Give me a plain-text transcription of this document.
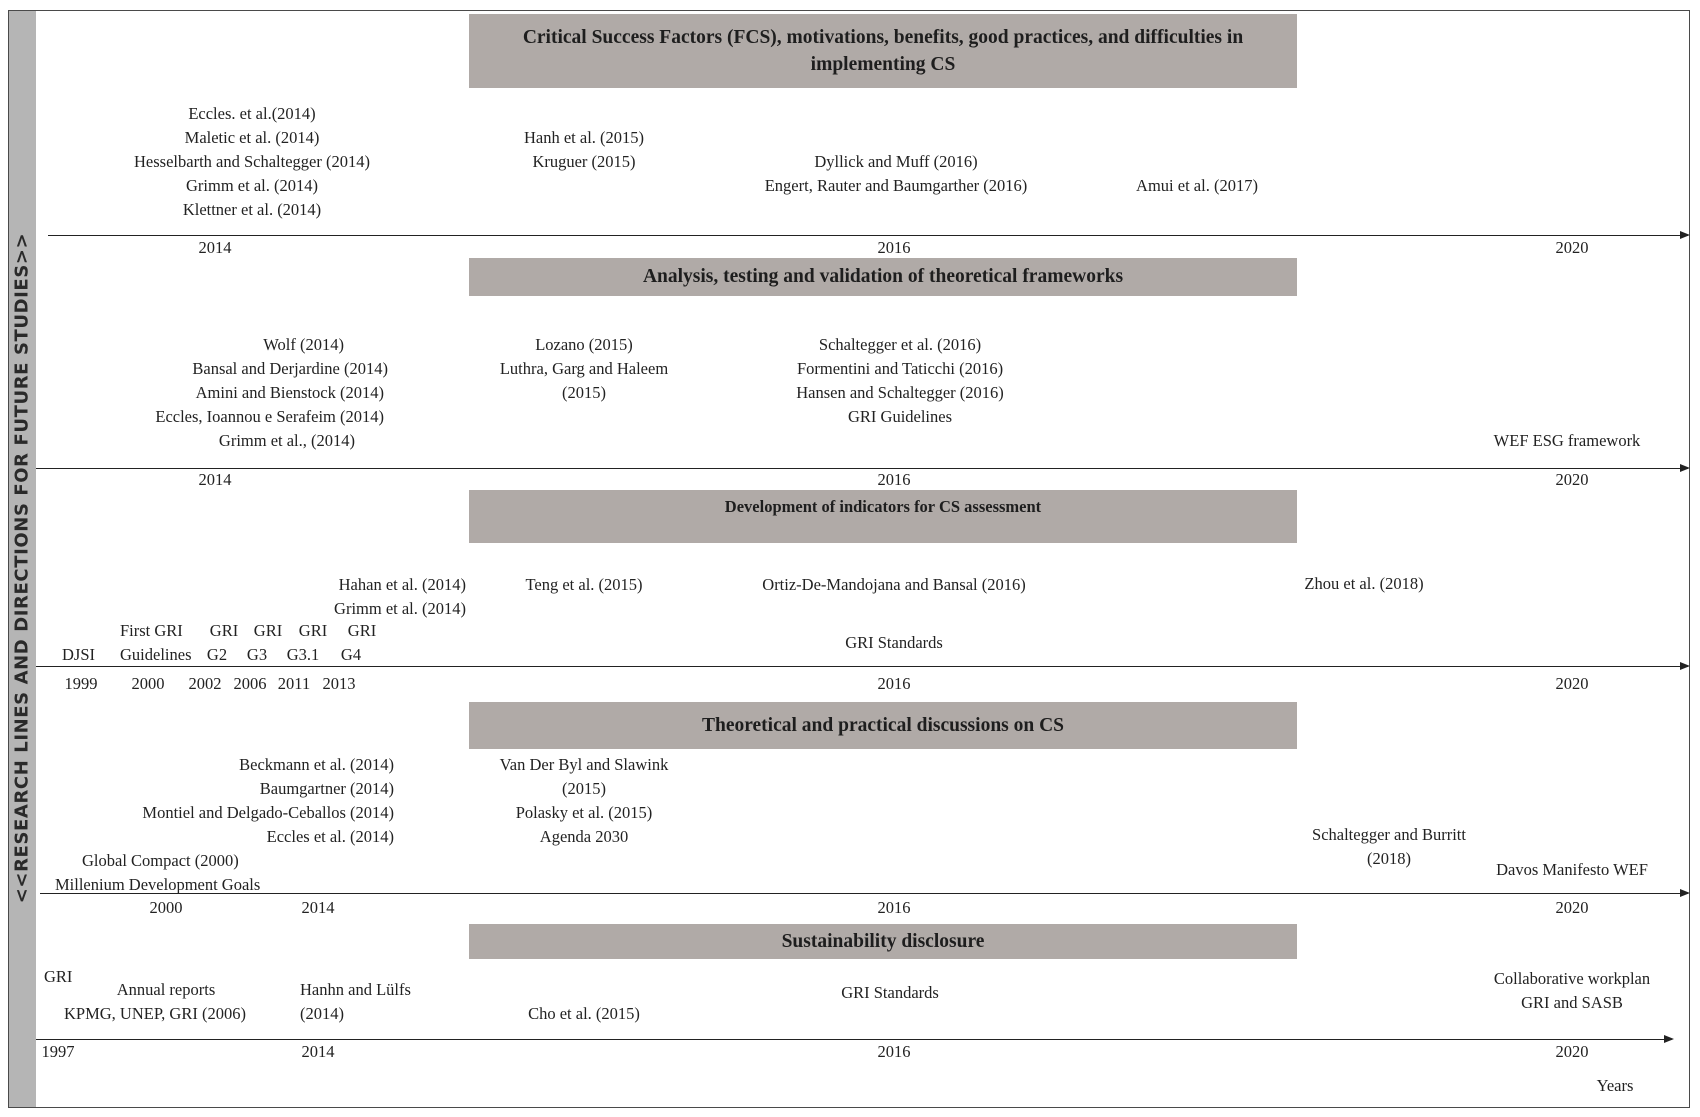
<<RESEARCH LINES AND DIRECTIONS FOR FUTURE STUDIES>>
Critical Success Factors (FCS), motivations, benefits, good practices, and difficulties in implementing CS
Eccles. et al.(2014)
Maletic et al. (2014)
Hesselbarth and Schaltegger (2014)
Grimm et al. (2014)
Klettner et al. (2014)
Hanh et al. (2015)
Kruguer (2015)	Dyllick and Muff (2016)
Engert, Rauter and Baumgarther (2016)	Amui et al. (2017)
2014	2016	2020
Analysis, testing and validation of theoretical frameworks
Wolf (2014)
Bansal and Derjardine (2014)
Amini and Bienstock (2014)
Eccles, Ioannou e Serafeim (2014)
Grimm et al., (2014)
Lozano (2015)
Luthra, Garg and Haleem
(2015)
Schaltegger et al. (2016)
Formentini and Taticchi (2016)
Hansen and Schaltegger (2016)
GRI Guidelines
WEF ESG framework
2014	2016	2020
Development of indicators for CS assessment
Hahan et al. (2014)
Grimm et al. (2014)
First GRI
Guidelines
GRI
G2
GRI
G3
GRI
G3.1
GRI
G4
DJSI
Teng et al. (2015)	Ortiz-De-Mandojana and Bansal (2016)
GRI Standards
Zhou et al. (2018)
1999 2000 2002 2006 2011 2013	2016	2020
Theoretical and practical discussions on CS
Beckmann et al. (2014)
Baumgartner (2014)
Montiel and Delgado-Ceballos (2014)
Eccles et al. (2014)
Global Compact (2000)
Millenium Development Goals
Van Der Byl and Slawink
(2015)
Polasky et al. (2015)
Agenda 2030	Schaltegger and Burritt
(2018)
Davos Manifesto WEF
2000	2014	2016	2020
Sustainability disclosure
GRI
Annual reports
KPMG, UNEP, GRI (2006)
Hanhn and Lülfs
(2014)	Cho et al. (2015)
GRI Standards
Collaborative workplan
GRI and SASB
1997	2014	2016	2020
Years
